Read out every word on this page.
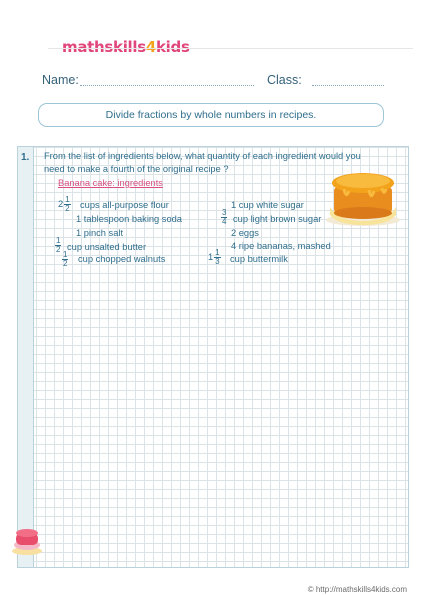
mathskills4kids
Name:	Class:
Divide fractions by whole numbers in recipes.
1. From the list of ingredients below, what quantity of each ingredient would you
need to make a fourth of the original recipe ?
Banana cake: ingredients
$2 \frac{1}{2}$ cups all-purpose flour
1 tablespoon baking soda
1 pinch salt
$\frac{1}{2}$ cup unsalted butter
$\frac{1}{2}$ cup chopped walnuts
1 cup white sugar
$\frac{3}{4}$ cup light brown sugar
2 eggs
4 ripe bananas, mashed
$1 \frac{1}{3}$ cup buttermilk
© http://mathskills4kids.com
